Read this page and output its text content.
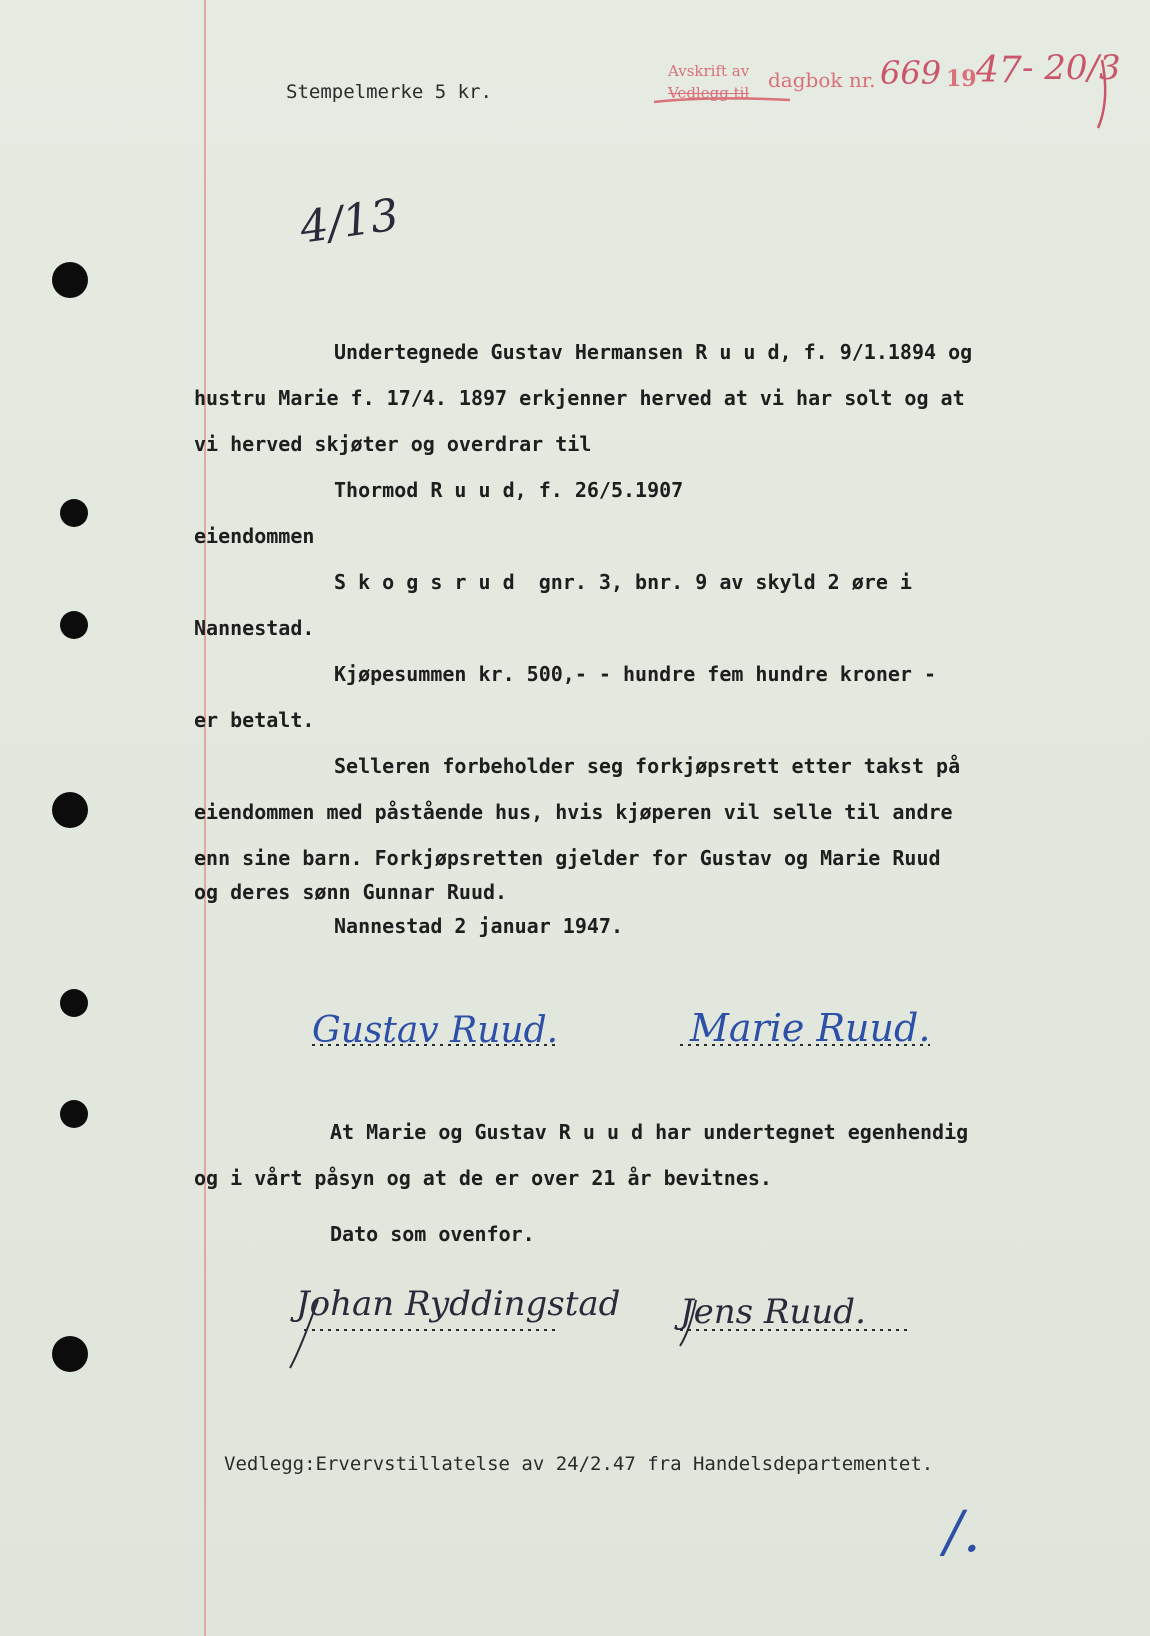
Stempelmerke 5 kr.

Avskrift av
Vedlegg til
dagbok nr. 669 19 47 - 20/3
4/13

Undertegnede Gustav Hermansen R u u d, f. 9/1.1894 og

hustru Marie f. 17/4. 1897 erkjenner herved at vi har solt og at

vi herved skjøter og overdrar til

Thormod R u u d, f. 26/5.1907

eiendommen

S k o g s r u d  gnr. 3, bnr. 9 av skyld 2 øre i

Nannestad.

Kjøpesummen kr. 500,- - hundre fem hundre kroner -

er betalt.

Selleren forbeholder seg forkjøpsrett etter takst på

eiendommen med påstående hus, hvis kjøperen vil selle til andre

enn sine barn. Forkjøpsretten gjelder for Gustav og Marie Ruud

og deres sønn Gunnar Ruud.

Nannestad 2 januar 1947.

Gustav Ruud.	Marie Ruud.

At Marie og Gustav R u u d har undertegnet egenhendig

og i vårt påsyn og at de er over 21 år bevitnes.

Dato som ovenfor.

Johan Ryddingstad Jens Ruud.

Vedlegg:Ervervstillatelse av 24/2.47 fra Handelsdepartementet.

/.
